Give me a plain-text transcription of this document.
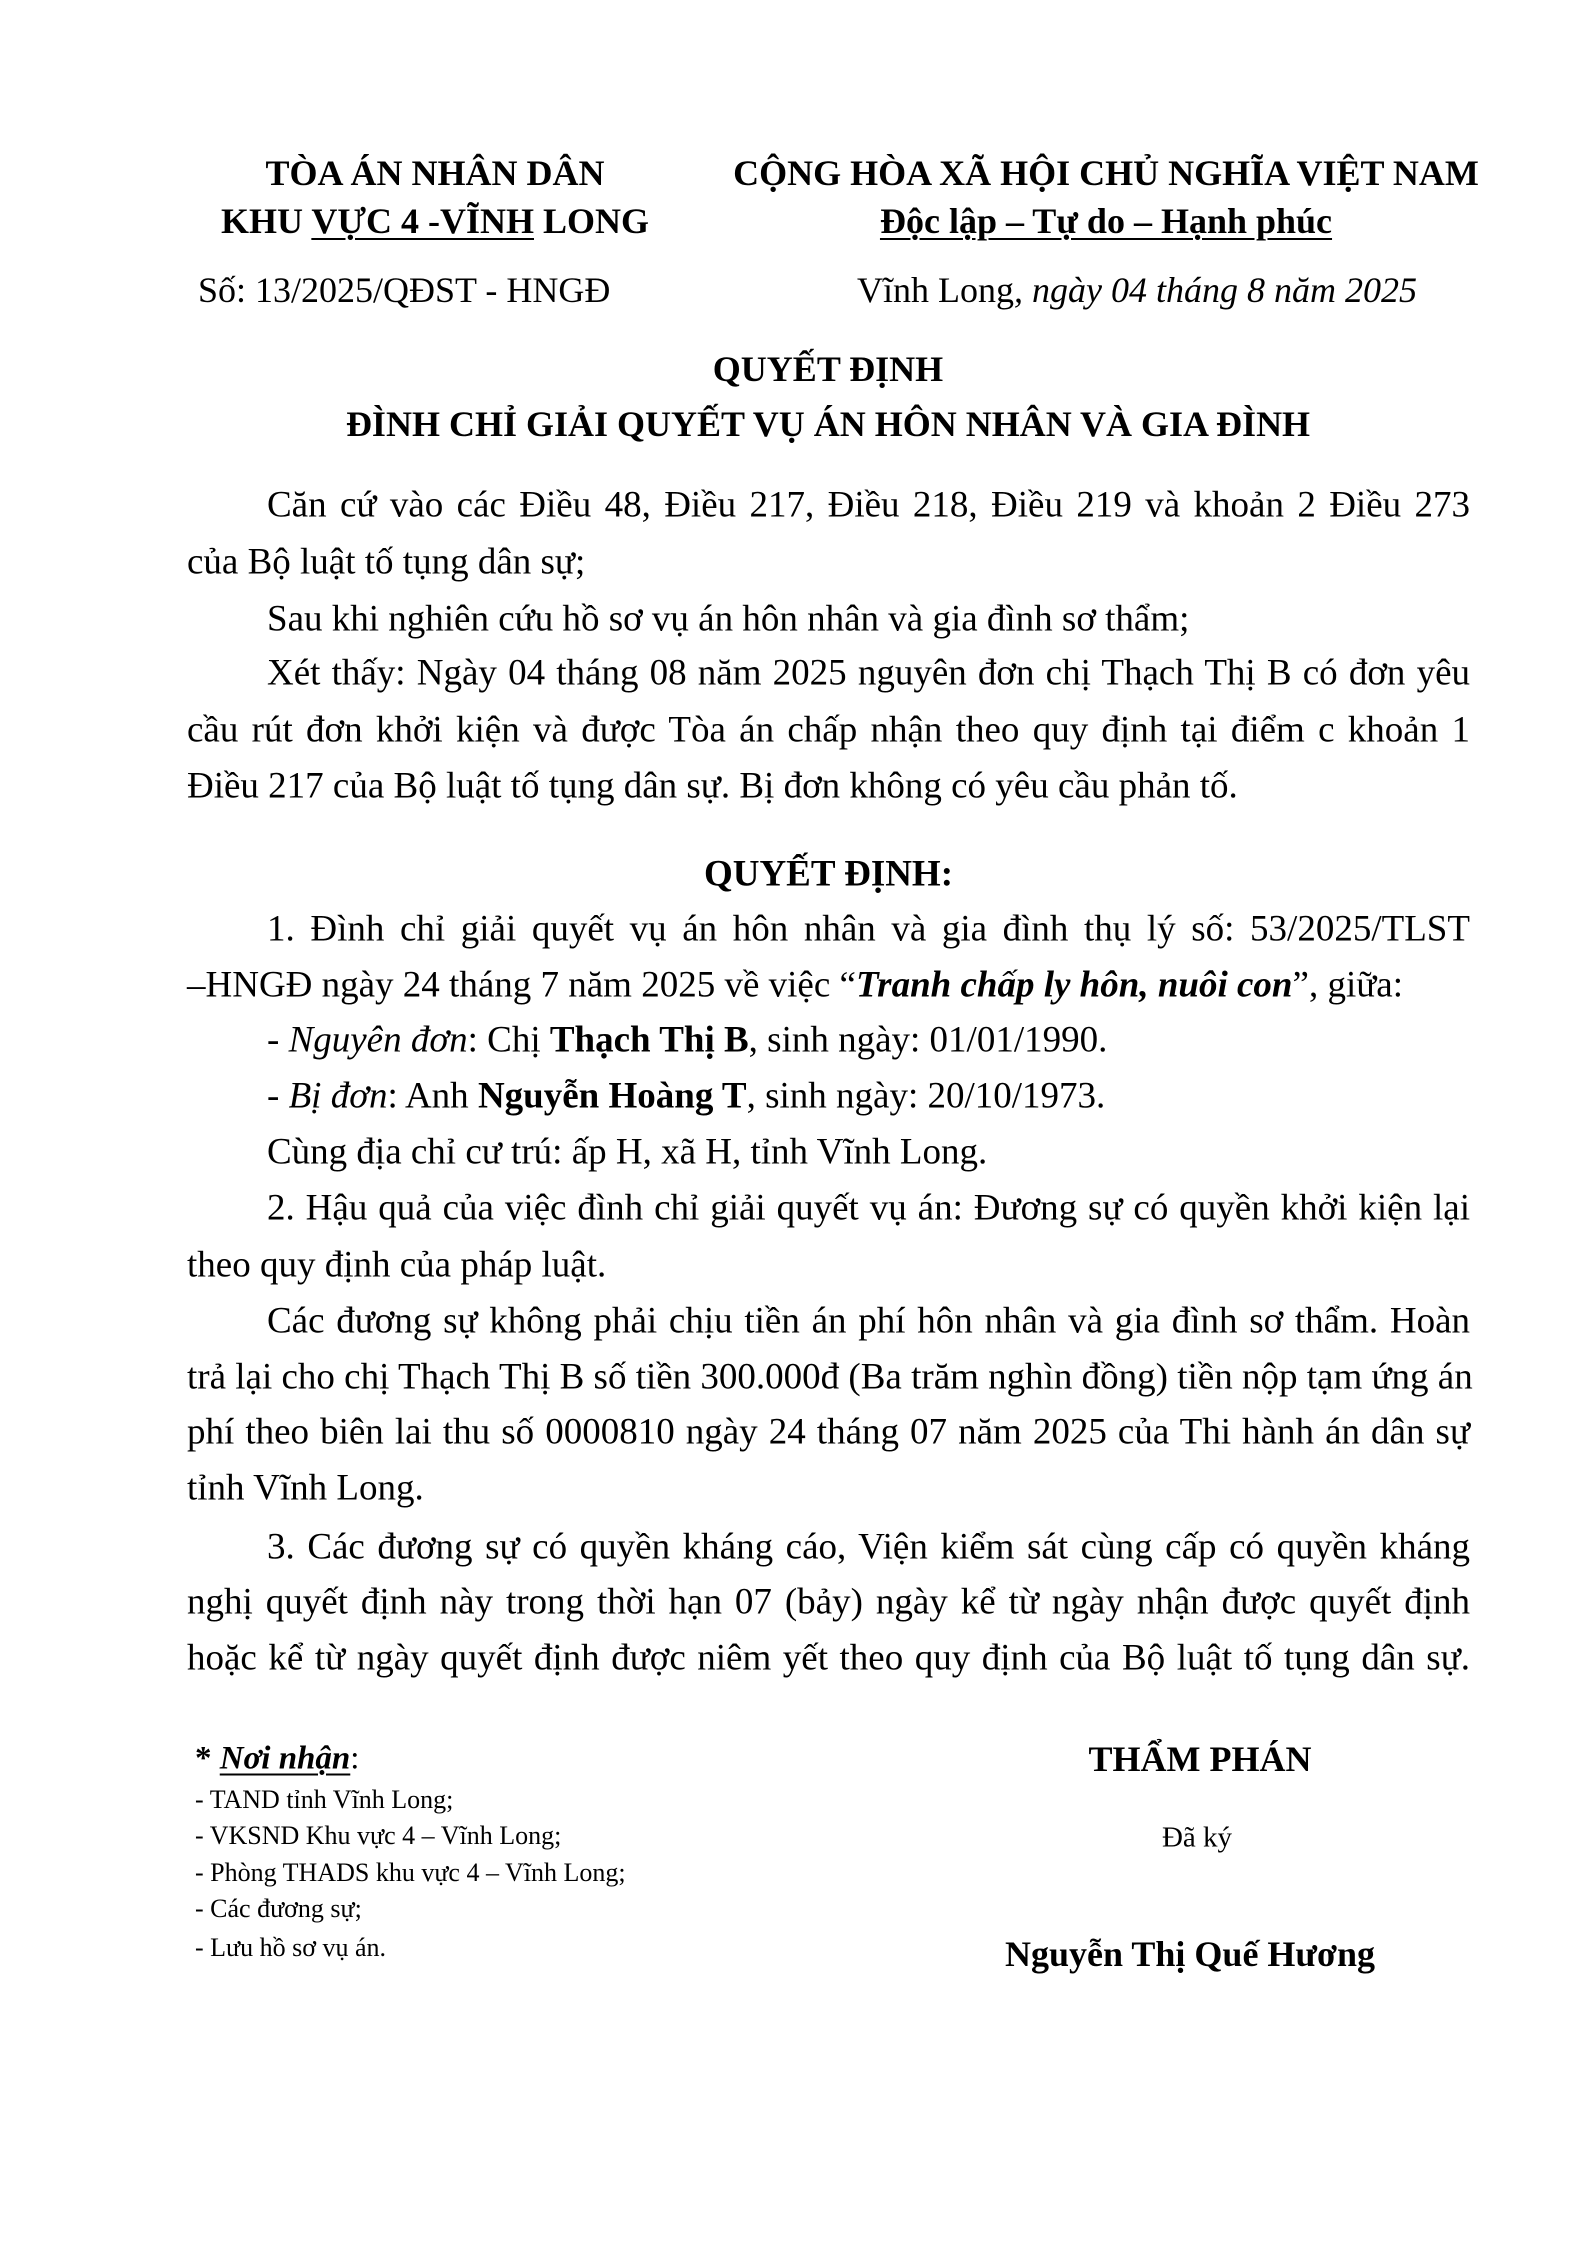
TÒA ÁN NHÂN DÂN
KHU VỰC 4 -VĨNH LONG
CỘNG HÒA XÃ HỘI CHỦ NGHĨA VIỆT NAM
Độc lập – Tự do – Hạnh phúc
Số: 13/2025/QĐST - HNGĐ	Vĩnh Long, ngày 04 tháng 8 năm 2025
QUYẾT ĐỊNH
ĐÌNH CHỈ GIẢI QUYẾT VỤ ÁN HÔN NHÂN VÀ GIA ĐÌNH
Căn cứ vào các Điều 48, Điều 217, Điều 218, Điều 219 và khoản 2 Điều 273
của Bộ luật tố tụng dân sự;
Sau khi nghiên cứu hồ sơ vụ án hôn nhân và gia đình sơ thẩm;
Xét thấy: Ngày 04 tháng 08 năm 2025 nguyên đơn chị Thạch Thị B có đơn yêu
cầu rút đơn khởi kiện và được Tòa án chấp nhận theo quy định tại điểm c khoản 1
Điều 217 của Bộ luật tố tụng dân sự. Bị đơn không có yêu cầu phản tố.
QUYẾT ĐỊNH:
1. Đình chỉ giải quyết vụ án hôn nhân và gia đình thụ lý số: 53/2025/TLST
–HNGĐ ngày 24 tháng 7 năm 2025 về việc “Tranh chấp ly hôn, nuôi con”, giữa:
- Nguyên đơn: Chị Thạch Thị B, sinh ngày: 01/01/1990.
- Bị đơn: Anh Nguyễn Hoàng T, sinh ngày: 20/10/1973.
Cùng địa chỉ cư trú: ấp H, xã H, tỉnh Vĩnh Long.
2. Hậu quả của việc đình chỉ giải quyết vụ án: Đương sự có quyền khởi kiện lại
theo quy định của pháp luật.
Các đương sự không phải chịu tiền án phí hôn nhân và gia đình sơ thẩm. Hoàn
trả lại cho chị Thạch Thị B số tiền 300.000đ (Ba trăm nghìn đồng) tiền nộp tạm ứng án
phí theo biên lai thu số 0000810 ngày 24 tháng 07 năm 2025 của Thi hành án dân sự
tỉnh Vĩnh Long.
3. Các đương sự có quyền kháng cáo, Viện kiểm sát cùng cấp có quyền kháng
nghị quyết định này trong thời hạn 07 (bảy) ngày kể từ ngày nhận được quyết định
hoặc kể từ ngày quyết định được niêm yết theo quy định của Bộ luật tố tụng dân sự.
* Nơi nhận:
- TAND tỉnh Vĩnh Long;
- VKSND Khu vực 4 – Vĩnh Long;
- Phòng THADS khu vực 4 – Vĩnh Long;
- Các đương sự;
- Lưu hồ sơ vụ án.
THẨM PHÁN
Đã ký
Nguyễn Thị Quế Hương
